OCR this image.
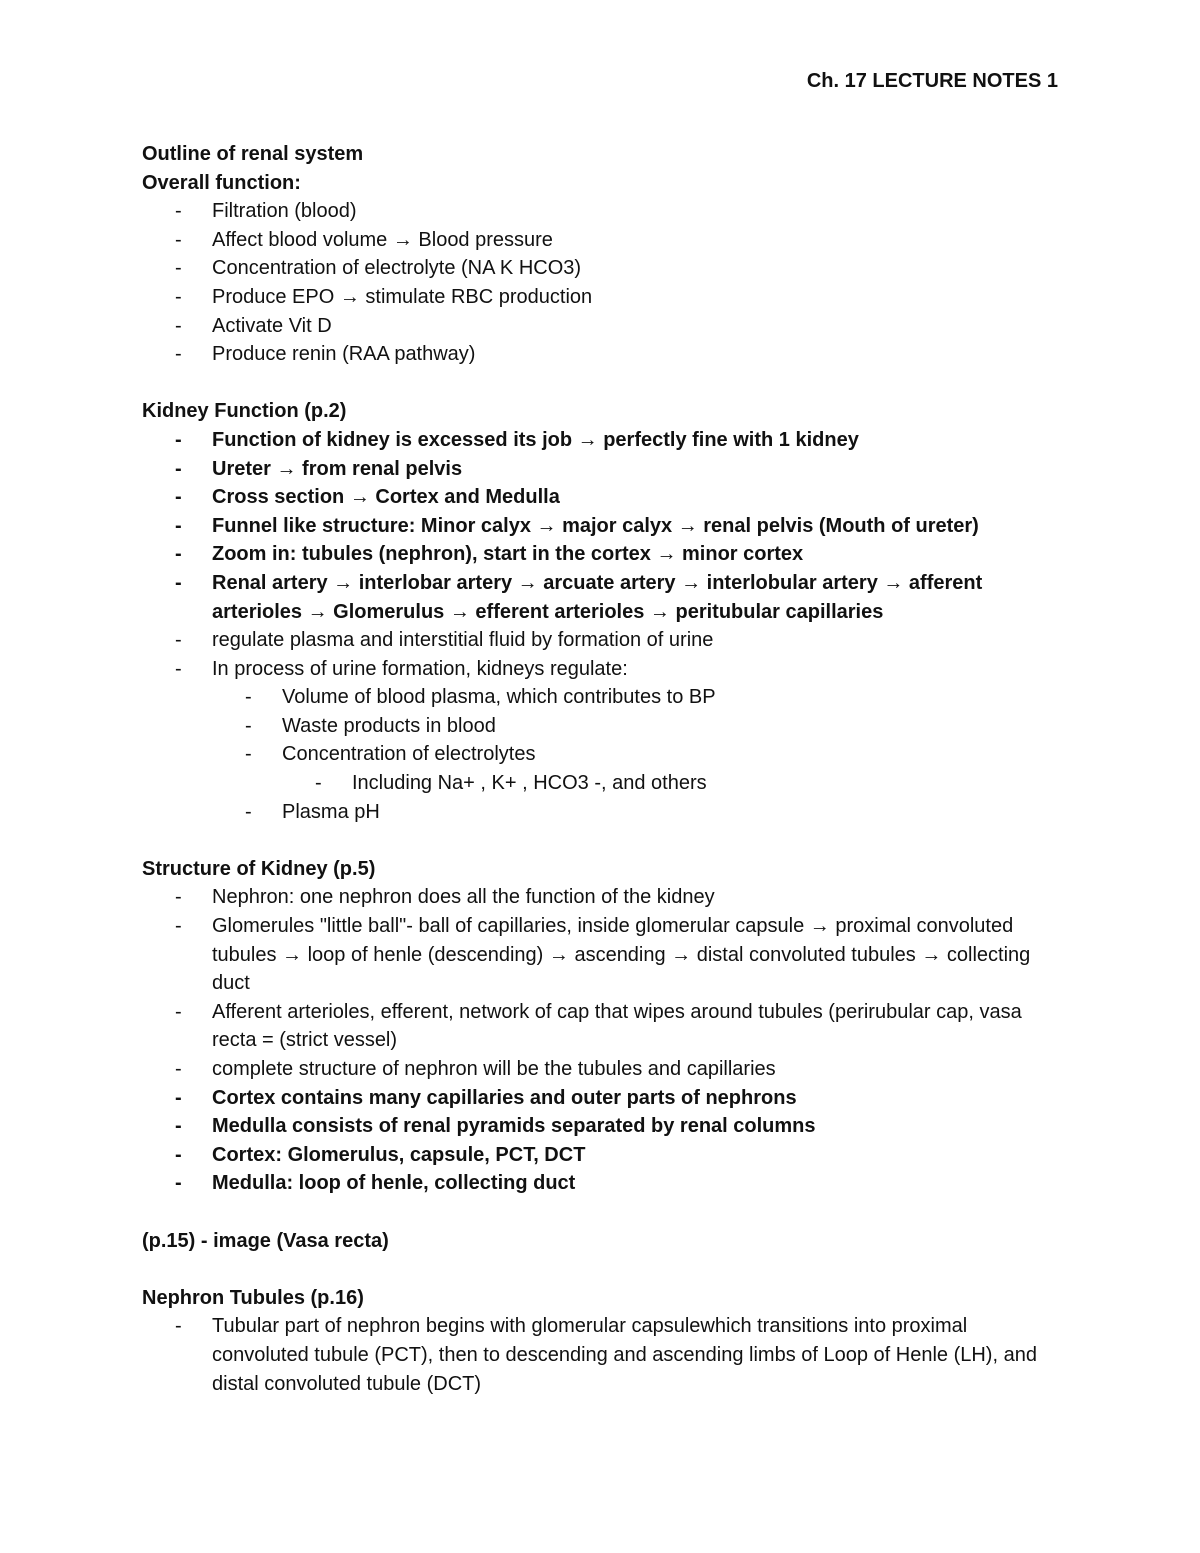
Ch. 17 LECTURE NOTES 1
Outline of renal system
Overall function:
- Filtration (blood)
- Affect blood volume → Blood pressure
- Concentration of electrolyte (NA K HCO3)
- Produce EPO → stimulate RBC production
- Activate Vit D
- Produce renin (RAA pathway)
Kidney Function (p.2)
- Function of kidney is excessed its job → perfectly fine with 1 kidney
- Ureter → from renal pelvis
- Cross section → Cortex and Medulla
- Funnel like structure: Minor calyx → major calyx → renal pelvis (Mouth of ureter)
- Zoom in: tubules (nephron), start in the cortex → minor cortex
- Renal artery → interlobar artery → arcuate artery → interlobular artery → afferent arterioles → Glomerulus → efferent arterioles → peritubular capillaries
- regulate plasma and interstitial fluid by formation of urine
- In process of urine formation, kidneys regulate:
- Volume of blood plasma, which contributes to BP
- Waste products in blood
- Concentration of electrolytes
- Including Na+ , K+ , HCO3 -, and others
- Plasma pH
Structure of Kidney (p.5)
- Nephron: one nephron does all the function of the kidney
- Glomerules "little ball"- ball of capillaries, inside glomerular capsule → proximal convoluted tubules → loop of henle (descending) → ascending → distal convoluted tubules → collecting duct
- Afferent arterioles, efferent, network of cap that wipes around tubules (perirubular cap, vasa recta = (strict vessel)
- complete structure of nephron will be the tubules and capillaries
- Cortex contains many capillaries and outer parts of nephrons
- Medulla consists of renal pyramids separated by renal columns
- Cortex: Glomerulus, capsule, PCT, DCT
- Medulla: loop of henle, collecting duct
(p.15) - image (Vasa recta)
Nephron Tubules (p.16)
- Tubular part of nephron begins with glomerular capsulewhich transitions into proximal convoluted tubule (PCT), then to descending and ascending limbs of Loop of Henle (LH), and distal convoluted tubule (DCT)
